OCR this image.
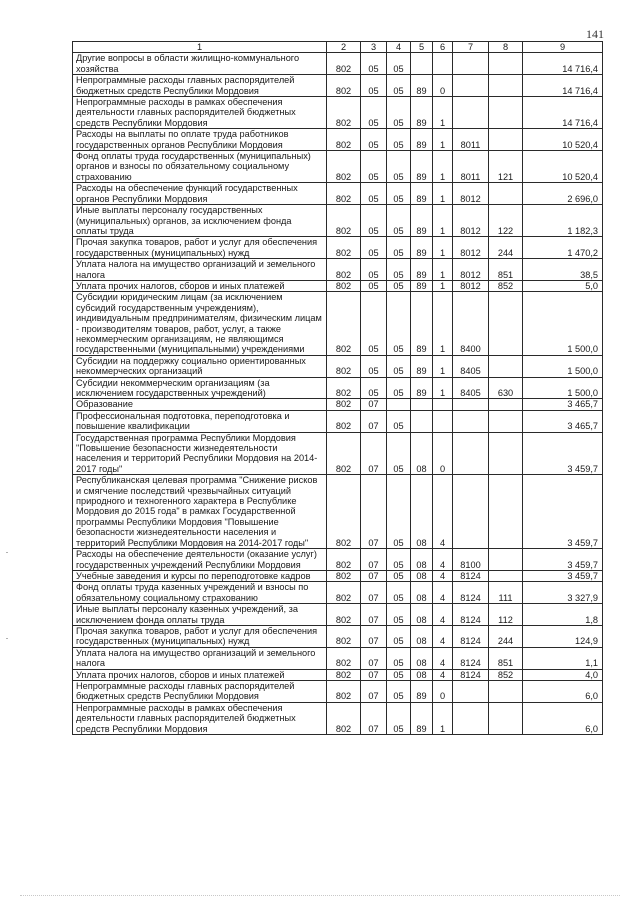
141
1	2	3	4	5	6	7	8	9
Другие вопросы в области жилищно-коммунального хозяйства	802	05	05					14 716,4
Непрограммные расходы главных распорядителей бюджетных средств Республики Мордовия	802	05	05	89	0			14 716,4
Непрограммные расходы в рамках обеспечения деятельности главных распорядителей бюджетных средств Республики Мордовия	802	05	05	89	1			14 716,4
Расходы на выплаты по оплате труда работников государственных органов Республики Мордовия	802	05	05	89	1	8011		10 520,4
Фонд оплаты труда государственных (муниципальных) органов и взносы по обязательному социальному страхованию	802	05	05	89	1	8011	121	10 520,4
Расходы на обеспечение функций государственных органов Республики Мордовия	802	05	05	89	1	8012		2 696,0
Иные выплаты персоналу государственных (муниципальных) органов, за исключением фонда оплаты труда	802	05	05	89	1	8012	122	1 182,3
Прочая закупка товаров, работ и услуг для обеспечения государственных (муниципальных) нужд	802	05	05	89	1	8012	244	1 470,2
Уплата налога на имущество организаций и земельного налога	802	05	05	89	1	8012	851	38,5
Уплата прочих налогов, сборов и иных платежей	802	05	05	89	1	8012	852	5,0
Субсидии юридическим лицам (за исключением субсидий государственным учреждениям), индивидуальным предпринимателям, физическим лицам - производителям товаров, работ, услуг, а также некоммерческим организациям, не являющимся государственными (муниципальными) учреждениями	802	05	05	89	1	8400		1 500,0
Субсидии на поддержку социально ориентированных некоммерческих организаций	802	05	05	89	1	8405		1 500,0
Субсидии некоммерческим организациям (за исключением государственных учреждений)	802	05	05	89	1	8405	630	1 500,0
Образование	802	07						3 465,7
Профессиональная подготовка, переподготовка и повышение квалификации	802	07	05					3 465,7
Государственная программа Республики Мордовия "Повышение безопасности жизнедеятельности населения и территорий Республики Мордовия на 2014-2017 годы"	802	07	05	08	0			3 459,7
Республиканская целевая программа "Снижение рисков и смягчение последствий чрезвычайных ситуаций природного и техногенного характера в Республике Мордовия до 2015 года" в рамках Государственной программы Республики Мордовия "Повышение безопасности жизнедеятельности населения и территорий Республики Мордовия на 2014-2017 годы"	802	07	05	08	4			3 459,7
Расходы на обеспечение деятельности (оказание услуг) государственных учреждений Республики Мордовия	802	07	05	08	4	8100		3 459,7
Учебные заведения и курсы по переподготовке кадров	802	07	05	08	4	8124		3 459,7
Фонд оплаты труда казенных учреждений и взносы по обязательному социальному страхованию	802	07	05	08	4	8124	111	3 327,9
Иные выплаты персоналу казенных учреждений, за исключением фонда оплаты труда	802	07	05	08	4	8124	112	1,8
Прочая закупка товаров, работ и услуг для обеспечения государственных (муниципальных) нужд	802	07	05	08	4	8124	244	124,9
Уплата налога на имущество организаций и земельного налога	802	07	05	08	4	8124	851	1,1
Уплата прочих налогов, сборов и иных платежей	802	07	05	08	4	8124	852	4,0
Непрограммные расходы главных распорядителей бюджетных средств Республики Мордовия	802	07	05	89	0			6,0
Непрограммные расходы в рамках обеспечения деятельности главных распорядителей бюджетных средств Республики Мордовия	802	07	05	89	1			6,0
